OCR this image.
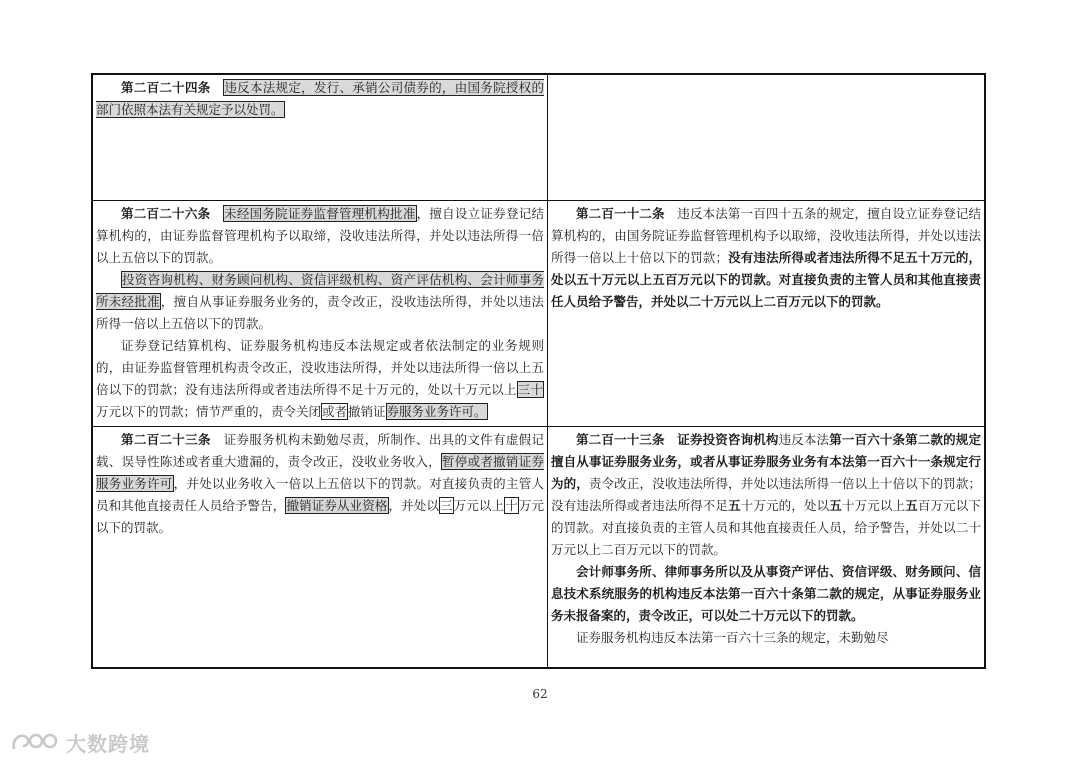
第二百二十四条　 违反本法规定，发行、承销公司债券的，由国务院授权的部门依照本法有关规定予以处罚。

第二百二十六条　 未经国务院证券监督管理机构批准，擅自设立证券登记结算机构的，由证券监督管理机构予以取缔，没收违法所得，并处以违法所得一倍以上五倍以下的罚款。

投资咨询机构、财务顾问机构、资信评级机构、资产评估机构、会计师事务所未经批准，擅自从事证券服务业务的，责令改正，没收违法所得，并处以违法所得一倍以上五倍以下的罚款。

证券登记结算机构、证券服务机构违反本法规定或者依法制定的业务规则的，由证券监督管理机构责令改正，没收违法所得，并处以违法所得一倍以上五倍以下的罚款；没有违法所得或者违法所得不足十万元的，处以十万元以上三十万元以下的罚款；情节严重的，责令关闭或者撤销证券服务业务许可。

第二百一十二条　 违反本法第一百四十五条的规定，擅自设立证券登记结算机构的，由国务院证券监督管理机构予以取缔，没收违法所得，并处以违法所得一倍以上十倍以下的罚款；没有违法所得或者违法所得不足五十万元的，处以五十万元以上五百万元以下的罚款。对直接负责的主管人员和其他直接责任人员给予警告，并处以二十万元以上二百万元以下的罚款。

第二百二十三条　 证券服务机构未勤勉尽责，所制作、出具的文件有虚假记载、误导性陈述或者重大遗漏的，责令改正，没收业务收入，暂停或者撤销证券服务业务许可，并处以业务收入一倍以上五倍以下的罚款。对直接负责的主管人员和其他直接责任人员给予警告，撤销证券从业资格，并处以三万元以上十万元以下的罚款。

第二百一十三条　 证券投资咨询机构违反本法第一百六十条第二款的规定擅自从事证券服务业务，或者从事证券服务业务有本法第一百六十一条规定行为的，责令改正，没收违法所得，并处以违法所得一倍以上十倍以下的罚款；没有违法所得或者违法所得不足五十万元的，处以五十万元以上五百万元以下的罚款。对直接负责的主管人员和其他直接责任人员，给予警告，并处以二十万元以上二百万元以下的罚款。

会计师事务所、律师事务所以及从事资产评估、资信评级、财务顾问、信息技术系统服务的机构违反本法第一百六十条第二款的规定，从事证券服务业务未报备案的，责令改正，可以处二十万元以下的罚款。

证券服务机构违反本法第一百六十三条的规定，未勤勉尽

62
大数跨境
